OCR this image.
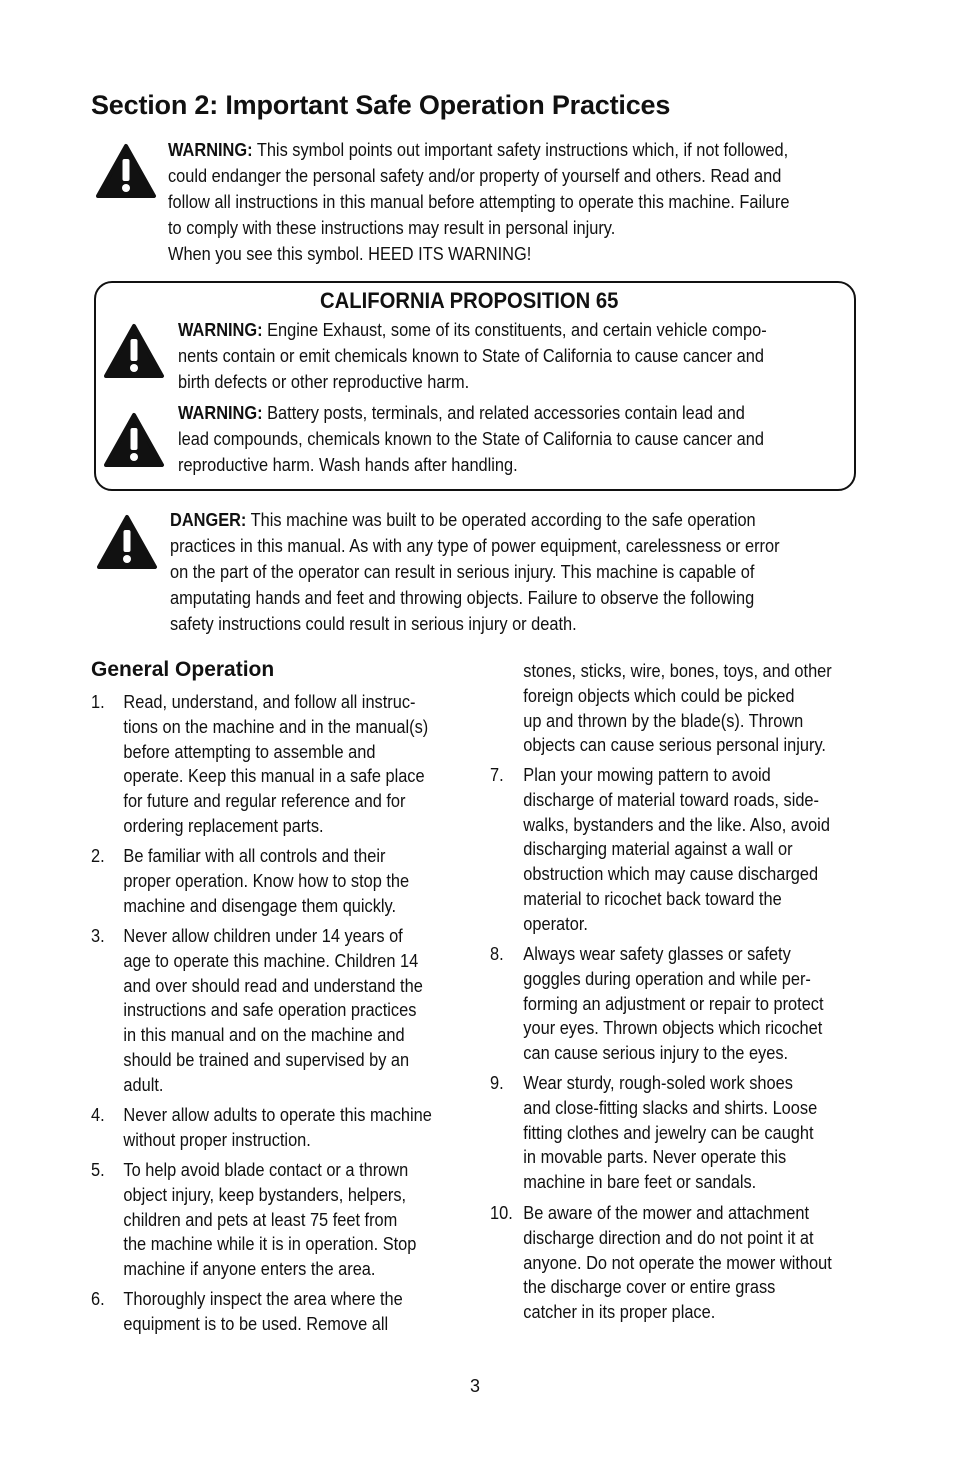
Section 2: Important Safe Operation Practices
WARNING: This symbol points out important safety instructions which, if not followed,
could endanger the personal safety and/or property of yourself and others. Read and
follow all instructions in this manual before attempting to operate this machine. Failure
to comply with these instructions may result in personal injury.
When you see this symbol. HEED ITS WARNING!
CALIFORNIA PROPOSITION 65
WARNING: Engine Exhaust, some of its constituents, and certain vehicle compo-
nents contain or emit chemicals known to State of California to cause cancer and
birth defects or other reproductive harm.
WARNING: Battery posts, terminals, and related accessories contain lead and
lead compounds, chemicals known to the State of California to cause cancer and
reproductive harm. Wash hands after handling.
DANGER: This machine was built to be operated according to the safe operation
practices in this manual. As with any type of power equipment, carelessness or error
on the part of the operator can result in serious injury. This machine is capable of
amputating hands and feet and throwing objects. Failure to observe the following
safety instructions could result in serious injury or death.
General Operation
1. Read, understand, and follow all instruc-
tions on the machine and in the manual(s)
before attempting to assemble and
operate. Keep this manual in a safe place
for future and regular reference and for
ordering replacement parts.
2. Be familiar with all controls and their
proper operation. Know how to stop the
machine and disengage them quickly.
3. Never allow children under 14 years of
age to operate this machine. Children 14
and over should read and understand the
instructions and safe operation practices
in this manual and on the machine and
should be trained and supervised by an
adult.
4. Never allow adults to operate this machine
without proper instruction.
5. To help avoid blade contact or a thrown
object injury, keep bystanders, helpers,
children and pets at least 75 feet from
the machine while it is in operation. Stop
machine if anyone enters the area.
6. Thoroughly inspect the area where the
equipment is to be used. Remove all
stones, sticks, wire, bones, toys, and other
foreign objects which could be picked
up and thrown by the blade(s). Thrown
objects can cause serious personal injury.
7. Plan your mowing pattern to avoid
discharge of material toward roads, side-
walks, bystanders and the like. Also, avoid
discharging material against a wall or
obstruction which may cause discharged
material to ricochet back toward the
operator.
8. Always wear safety glasses or safety
goggles during operation and while per-
forming an adjustment or repair to protect
your eyes. Thrown objects which ricochet
can cause serious injury to the eyes.
9. Wear sturdy, rough-soled work shoes
and close-fitting slacks and shirts. Loose
fitting clothes and jewelry can be caught
in movable parts. Never operate this
machine in bare feet or sandals.
10. Be aware of the mower and attachment
discharge direction and do not point it at
anyone. Do not operate the mower without
the discharge cover or entire grass
catcher in its proper place.
3
